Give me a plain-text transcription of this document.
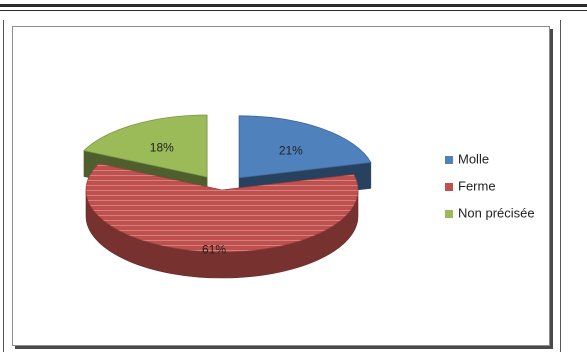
18%	21%
61%
Molle
Ferme
Non précisée
